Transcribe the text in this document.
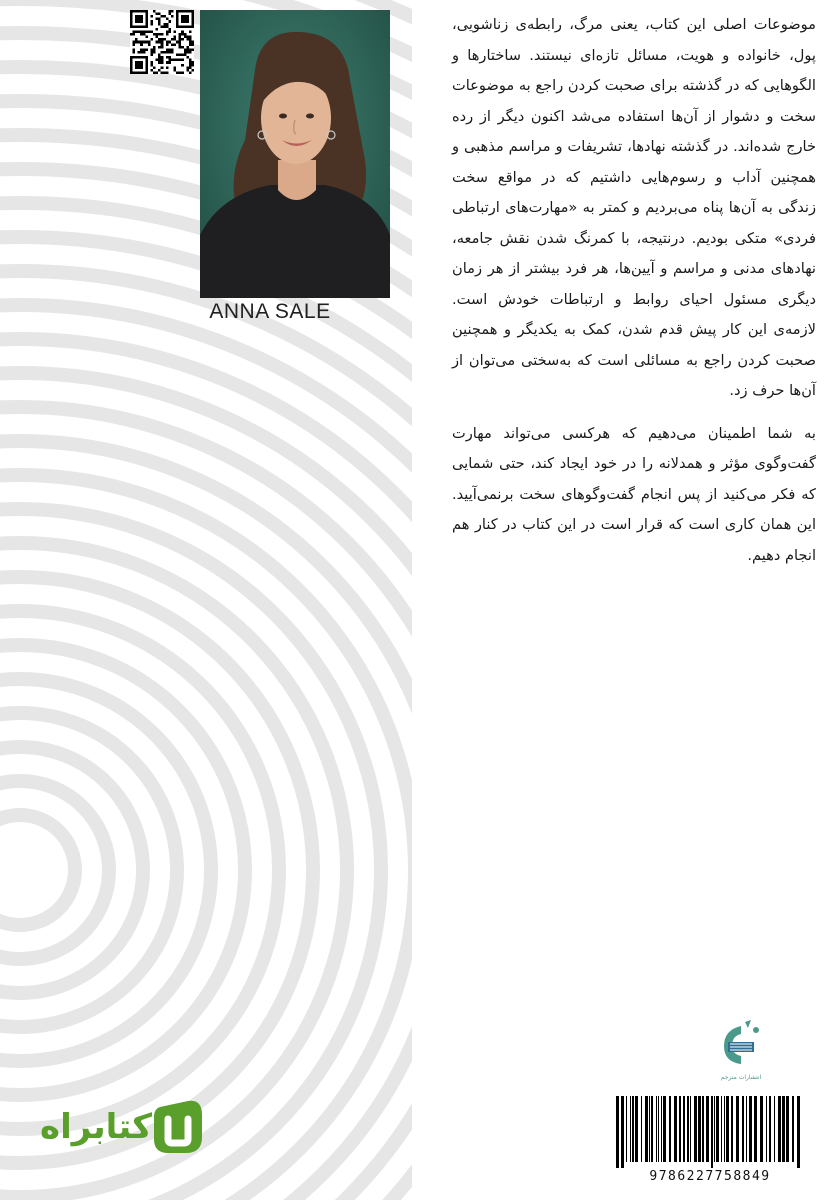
ANNA SALE

موضوعات اصلی این کتاب، یعنی مرگ، رابطه‌ی زناشویی، پول، خانواده و هویت، مسائل تازه‌ای نیستند. ساختارها و الگوهایی که در گذشته برای صحبت کردن راجع به موضوعات سخت و دشوار از آن‌ها استفاده می‌شد اکنون دیگر از رده خارج شده‌اند. در گذشته نهادها، تشریفات و مراسم مذهبی و همچنین آداب و رسوم‌هایی داشتیم که در مواقع سخت زندگی به آن‌ها پناه می‌بردیم و کمتر به «مهارت‌های ارتباطی فردی» متکی بودیم. درنتیجه، با کمرنگ شدن نقش جامعه، نهادهای مدنی و مراسم و آیین‌ها، هر فرد بیشتر از هر زمان دیگری مسئول احیای روابط و ارتباطات خودش است. لازمه‌ی این کار پیش قدم شدن، کمک به یکدیگر و همچنین صحبت کردن راجع به مسائلی است که به‌سختی می‌توان از آن‌ها حرف زد.

به شما اطمینان می‌دهیم که هرکسی می‌تواند مهارت گفت‌وگوی مؤثر و همدلانه را در خود ایجاد کند، حتی شمایی که فکر می‌کنید از پس انجام گفت‌وگوهای سخت برنمی‌آیید. این همان کاری است که قرار است در این کتاب در کنار هم انجام دهیم.

انتشارات مترجم
کتابراه
9786227758849
